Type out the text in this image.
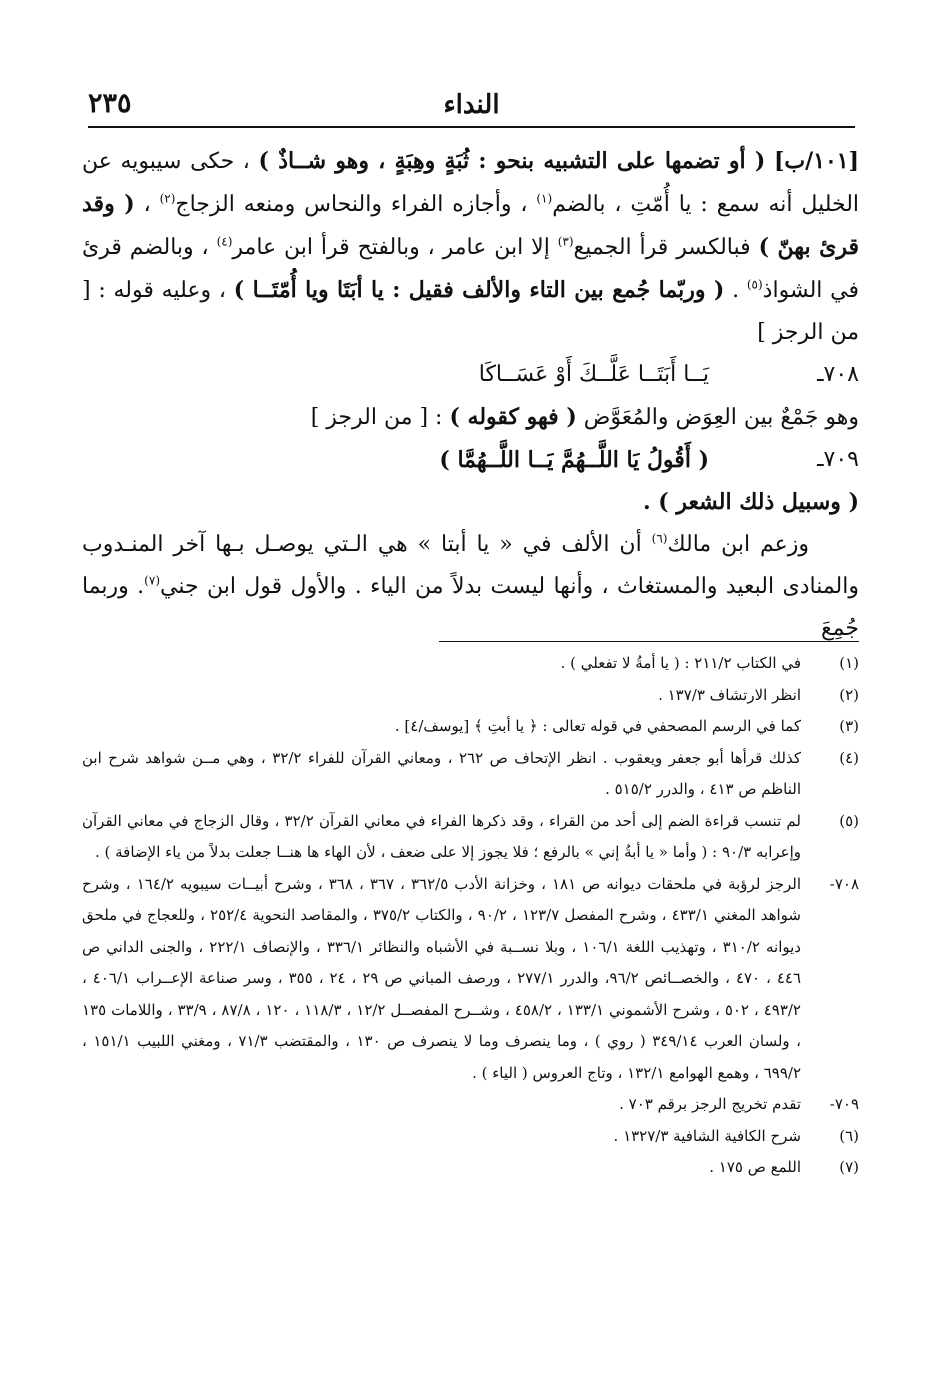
النداء
٢٣٥

[١٠١/ب] ( أو تضمها على التشبيه بنحو : ثُبَةٍ وهِبَةٍ ، وهو شــاذٌ ) ، حكى سيبويه عن الخليل أنه سمع : يا أُمّتِ ، بالضم$^{(١)}$ ، وأجازه الفراء والنحاس ومنعه الزجاج$^{(٢)}$ ، ( وقد قرئ بهنّ ) فبالكسر قرأ الجميع$^{(٣)}$ إلا ابن عامر ، وبالفتح قرأ ابن عامر$^{(٤)}$ ، وبالضم قرئ في الشواذ$^{(٥)}$ . ( وربّما جُمع بين التاء والألف فقيل : يا أبَتَا ويا أُمّتَــا ) ، وعليه قوله : [ من الرجز ]

٧٠٨ـ
يَــا أَبَتَــا عَلَّــكَ أَوْ عَسَــاكَا

وهو جَمْعٌ بين العِوَض والمُعَوَّض ( فهو كقوله ) : [ من الرجز ]

٧٠٩ـ
( أَقُولُ يَا اللَّــهُمَّ يَــا اللَّــهُمَّا )

( وسبيل ذلك الشعر ) .

وزعم ابن مالك$^{(٦)}$ أن الألف في « يا أبتا » هي الـتي يوصـل بـها آخر المنـدوب والمنادى البعيد والمستغاث ، وأنها ليست بدلاً من الياء . والأول قول ابن جني$^{(٧)}$. وربما جُمِعَ

(١)
في الكتاب ٢١١/٢ : ( يا أمةُ لا تفعلي ) .
(٢)
انظر الارتشاف ١٣٧/٣ .
(٣)
كما في الرسم المصحفي في قوله تعالى : ﴿ يا أبتِ ﴾ [يوسف/٤] .
(٤)
كذلك قرأها أبو جعفر ويعقوب . انظر الإتحاف ص ٢٦٢ ، ومعاني القرآن للفراء ٣٢/٢ ، وهي مــن شواهد شرح ابن الناظم ص ٤١٣ ، والدرر ٥١٥/٢ .
(٥)
لم تنسب قراءة الضم إلى أحد من القراء ، وقد ذكرها الفراء في معاني القرآن ٣٢/٢ ، وقال الزجاج في معاني القرآن وإعرابه ٩٠/٣ : ( وأما « يا أبةُ إني » بالرفع ؛ فلا يجوز إلا على ضعف ، لأن الهاء ها هنــا جعلت بدلاً من ياء الإضافة ) .
٧٠٨-
الرجز لرؤبة في ملحقات ديوانه ص ١٨١ ، وخزانة الأدب ٣٦٢/٥ ، ٣٦٧ ، ٣٦٨ ، وشرح أبيــات سيبويه ١٦٤/٢ ، وشرح شواهد المغني ٤٣٣/١ ، وشرح المفصل ١٢٣/٧ ، ٩٠/٢ ، والكتاب ٣٧٥/٢ ، والمقاصد النحوية ٢٥٢/٤ ، وللعجاج في ملحق ديوانه ٣١٠/٢ ، وتهذيب اللغة ١٠٦/١ ، وبلا نســبة في الأشباه والنظائر ٣٣٦/١ ، والإنصاف ٢٢٢/١ ، والجنى الداني ص ٤٤٦ ، ٤٧٠ ، والخصــائص ٩٦/٢، والدرر ٢٧٧/١ ، ورصف المباني ص ٢٩ ، ٢٤ ، ٣٥٥ ، وسر صناعة الإعــراب ٤٠٦/١ ، ٤٩٣/٢ ، ٥٠٢ ، وشرح الأشموني ١٣٣/١ ، ٤٥٨/٢ ، وشــرح المفصــل ١٢/٢ ، ١١٨/٣ ، ١٢٠ ، ٨٧/٨ ، ٣٣/٩ ، واللامات ١٣٥ ، ولسان العرب ٣٤٩/١٤ ( روي ) ، وما ينصرف وما لا ينصرف ص ١٣٠ ، والمقتضب ٧١/٣ ، ومغني اللبيب ١٥١/١ ، ٦٩٩/٢ ، وهمع الهوامع ١٣٢/١ ، وتاج العروس ( الياء ) .
٧٠٩-
تقدم تخريج الرجز برقم ٧٠٣ .
(٦)
شرح الكافية الشافية ١٣٢٧/٣ .
(٧)
اللمع ص ١٧٥ .
